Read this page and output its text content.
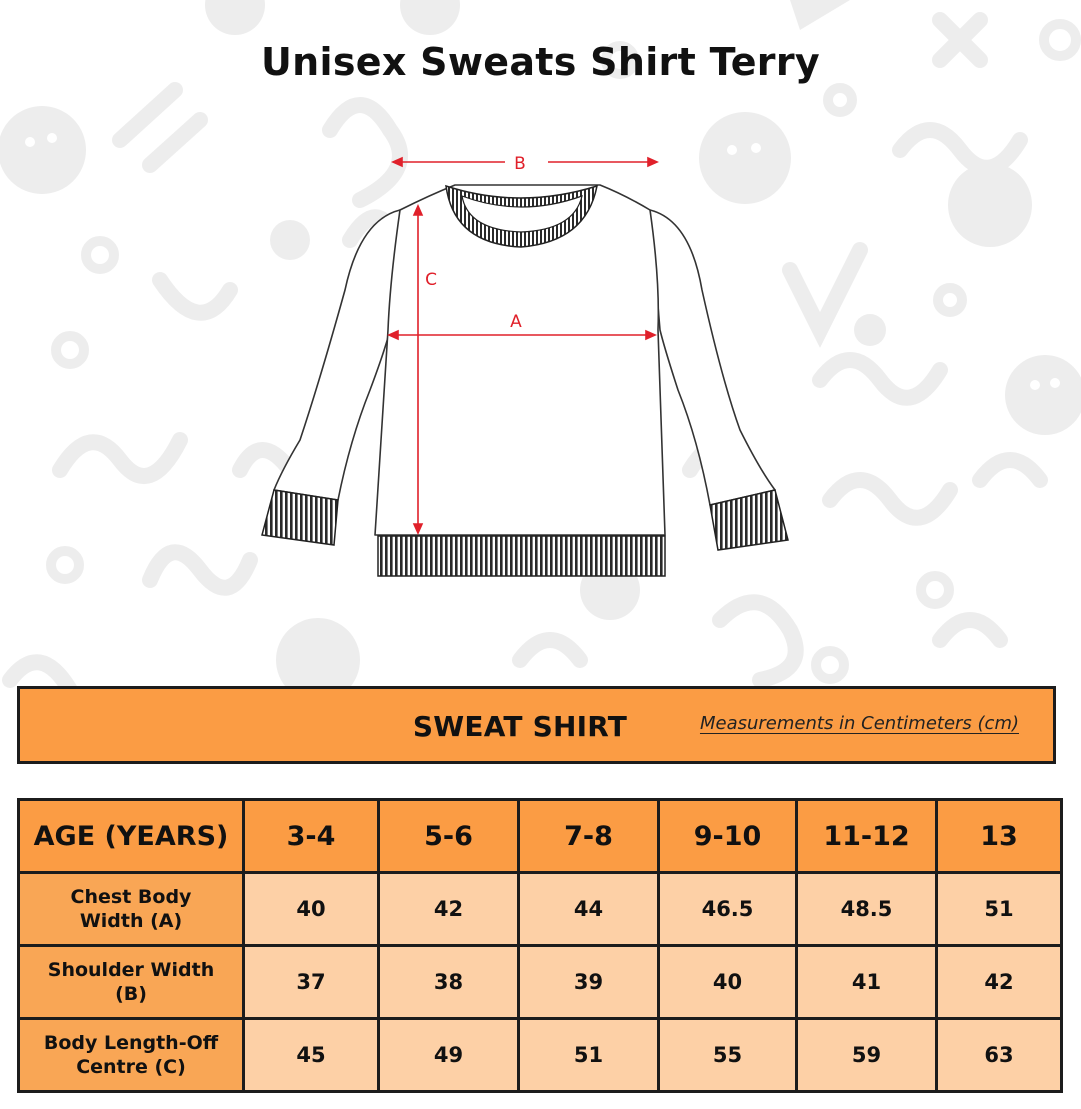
Unisex Sweats Shirt Terry
B
A
C
SWEAT SHIRT	Measurements in Centimeters (cm)
AGE (YEARS)	3-4	5-6	7-8	9-10	11-12	13
Chest Body
Width (A)	40	42	44	46.5	48.5	51
Shoulder Width
(B)	37	38	39	40	41	42
Body Length-Off
Centre (C)	45	49	51	55	59	63
